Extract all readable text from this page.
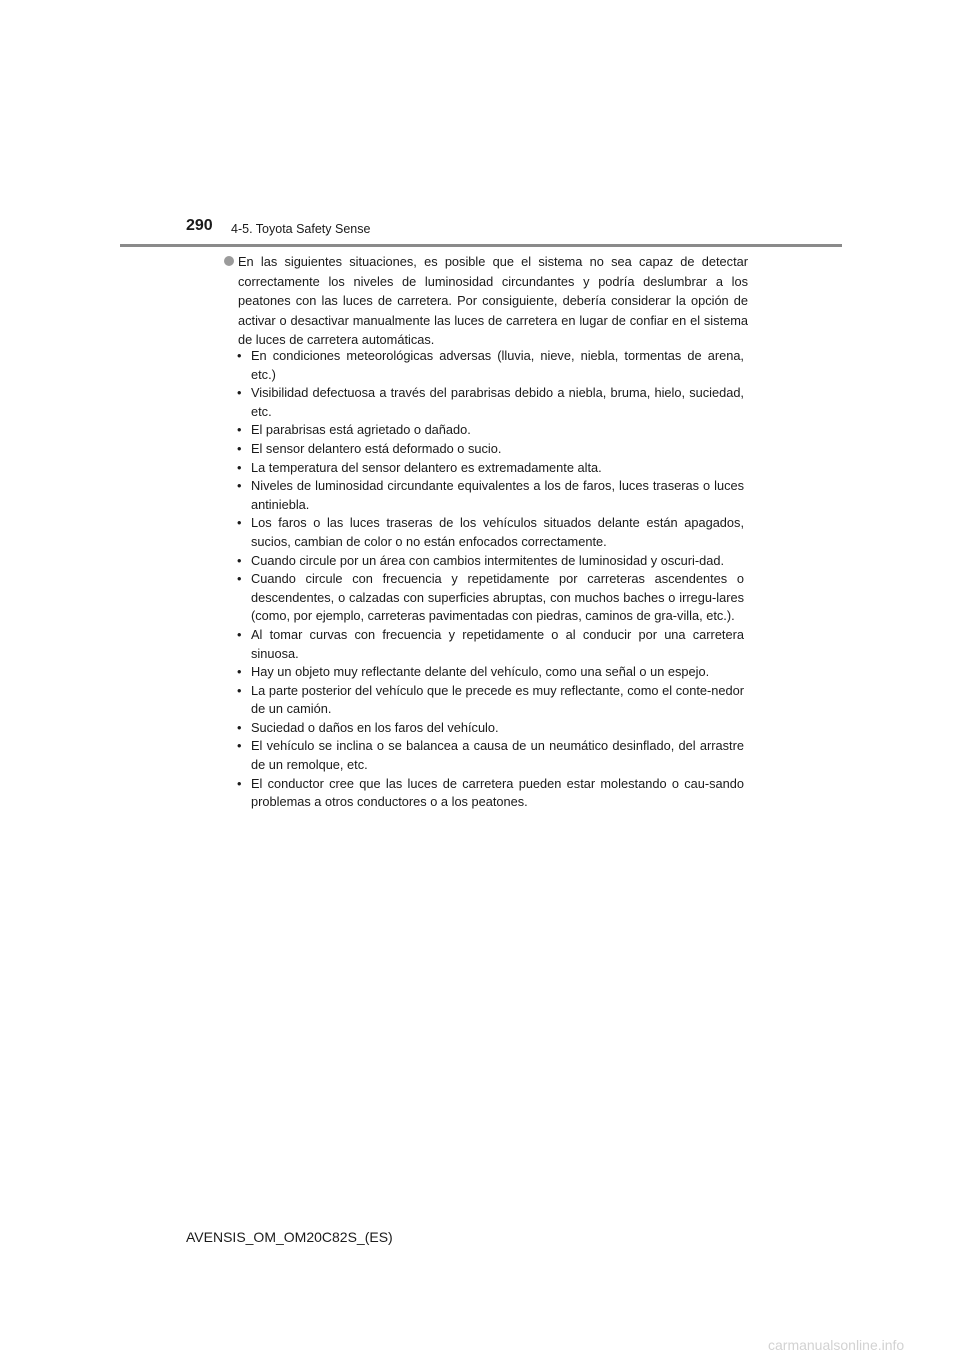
290 4-5. Toyota Safety Sense

En las siguientes situaciones, es posible que el sistema no sea capaz de detectar correctamente los niveles de luminosidad circundantes y podría deslumbrar a los peatones con las luces de carretera. Por consiguiente, debería considerar la opción de activar o desactivar manualmente las luces de carretera en lugar de confiar en el sistema de luces de carretera automáticas.

• En condiciones meteorológicas adversas (lluvia, nieve, niebla, tormentas de arena, etc.)
• Visibilidad defectuosa a través del parabrisas debido a niebla, bruma, hielo, suciedad, etc.
• El parabrisas está agrietado o dañado.
• El sensor delantero está deformado o sucio.
• La temperatura del sensor delantero es extremadamente alta.
• Niveles de luminosidad circundante equivalentes a los de faros, luces traseras o luces antiniebla.
• Los faros o las luces traseras de los vehículos situados delante están apagados, sucios, cambian de color o no están enfocados correctamente.
• Cuando circule por un área con cambios intermitentes de luminosidad y oscuri-dad.
• Cuando circule con frecuencia y repetidamente por carreteras ascendentes o descendentes, o calzadas con superficies abruptas, con muchos baches o irregu-lares (como, por ejemplo, carreteras pavimentadas con piedras, caminos de gra-villa, etc.).
• Al tomar curvas con frecuencia y repetidamente o al conducir por una carretera sinuosa.
• Hay un objeto muy reflectante delante del vehículo, como una señal o un espejo.
• La parte posterior del vehículo que le precede es muy reflectante, como el conte-nedor de un camión.
• Suciedad o daños en los faros del vehículo.
• El vehículo se inclina o se balancea a causa de un neumático desinflado, del arrastre de un remolque, etc.
• El conductor cree que las luces de carretera pueden estar molestando o cau-sando problemas a otros conductores o a los peatones.
AVENSIS_OM_OM20C82S_(ES)
carmanualsonline.info
